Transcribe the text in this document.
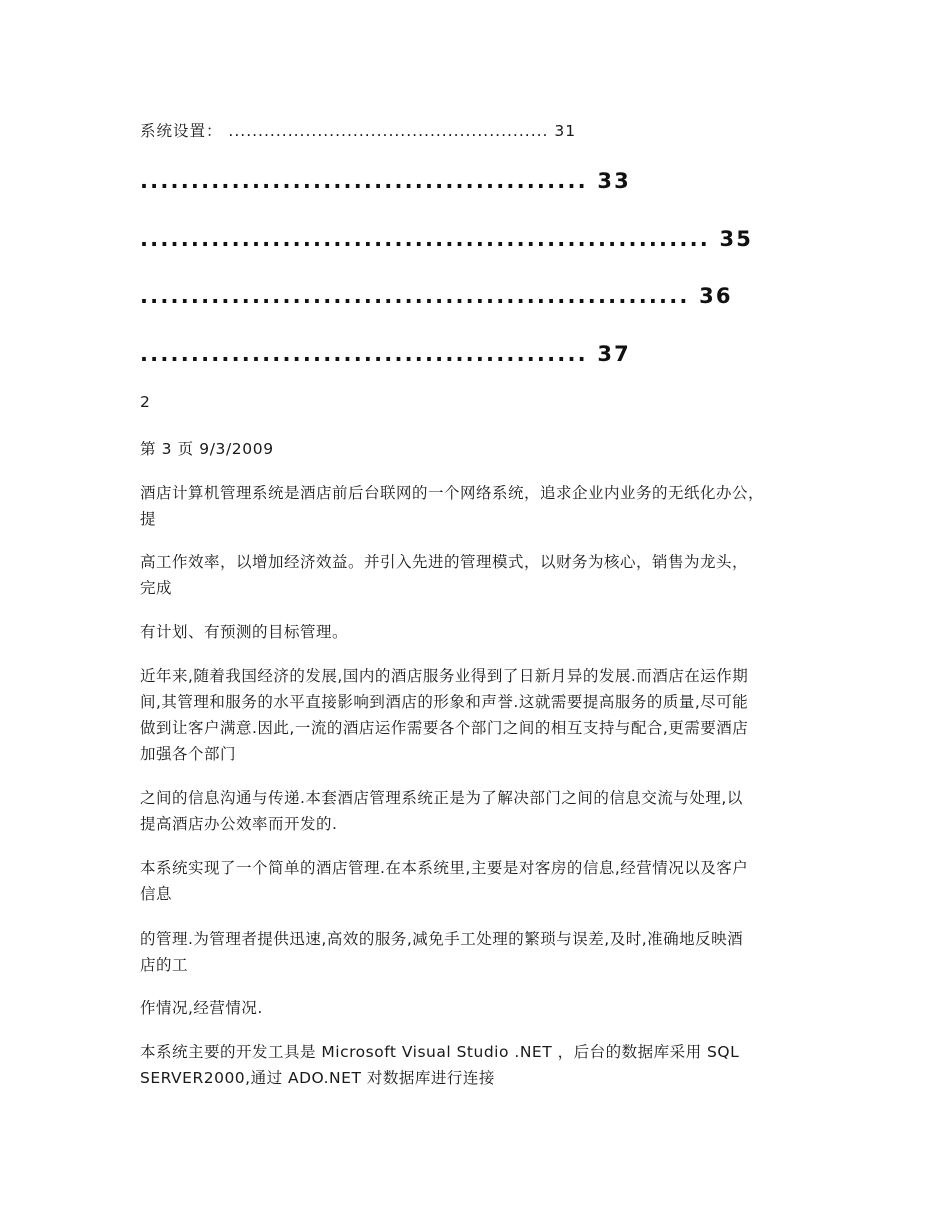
系统设置： ...................................................... 31
............................................ 33
........................................................ 35
...................................................... 36
............................................ 37
2
第 3 页 9/3/2009

酒店计算机管理系统是酒店前后台联网的一个网络系统，追求企业内业务的无纸化办公，

提

高工作效率，以增加经济效益。并引入先进的管理模式，以财务为核心，销售为龙头，

完成

有计划、有预测的目标管理。

近年来,随着我国经济的发展,国内的酒店服务业得到了日新月异的发展.而酒店在运作期

间,其管理和服务的水平直接影响到酒店的形象和声誉.这就需要提高服务的质量,尽可能

做到让客户满意.因此,一流的酒店运作需要各个部门之间的相互支持与配合,更需要酒店

加强各个部门

之间的信息沟通与传递.本套酒店管理系统正是为了解决部门之间的信息交流与处理,以

提高酒店办公效率而开发的.

本系统实现了一个简单的酒店管理.在本系统里,主要是对客房的信息,经营情况以及客户

信息

的管理.为管理者提供迅速,高效的服务,减免手工处理的繁琐与误差,及时,准确地反映酒

店的工

作情况,经营情况.

本系统主要的开发工具是 Microsoft Visual Studio .NET ，后台的数据库采用 SQL

SERVER2000,通过 ADO.NET 对数据库进行连接
